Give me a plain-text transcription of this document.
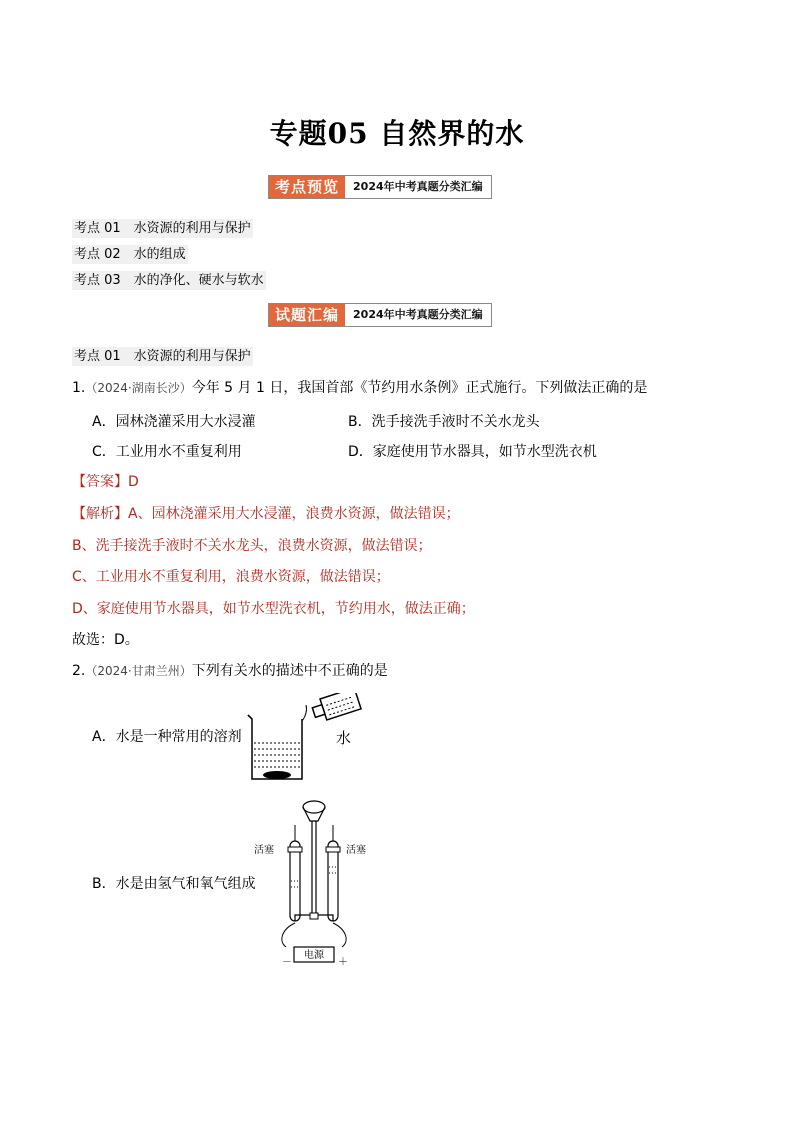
专题05 自然界的水
考点预览	2024年中考真题分类汇编
考点 01　水资源的利用与保护
考点 02　水的组成
考点 03　水的净化、硬水与软水
试题汇编	2024年中考真题分类汇编
考点 01　水资源的利用与保护
1.（2024·湖南长沙）今年 5 月 1 日，我国首部《节约用水条例》正式施行。下列做法正确的是
A．园林浇灌采用大水浸灌	B．洗手接洗手液时不关水龙头
C．工业用水不重复利用	D．家庭使用节水器具，如节水型洗衣机
【答案】D
【解析】A、园林浇灌采用大水浸灌，浪费水资源，做法错误；
B、洗手接洗手液时不关水龙头，浪费水资源，做法错误；
C、工业用水不重复利用，浪费水资源，做法错误；
D、家庭使用节水器具，如节水型洗衣机，节约用水，做法正确；
故选：D。
2.（2024·甘肃兰州）下列有关水的描述中不正确的是
A．水是一种常用的溶剂	水
B．水是由氢气和氧气组成
电源
－	＋
活塞	活塞
